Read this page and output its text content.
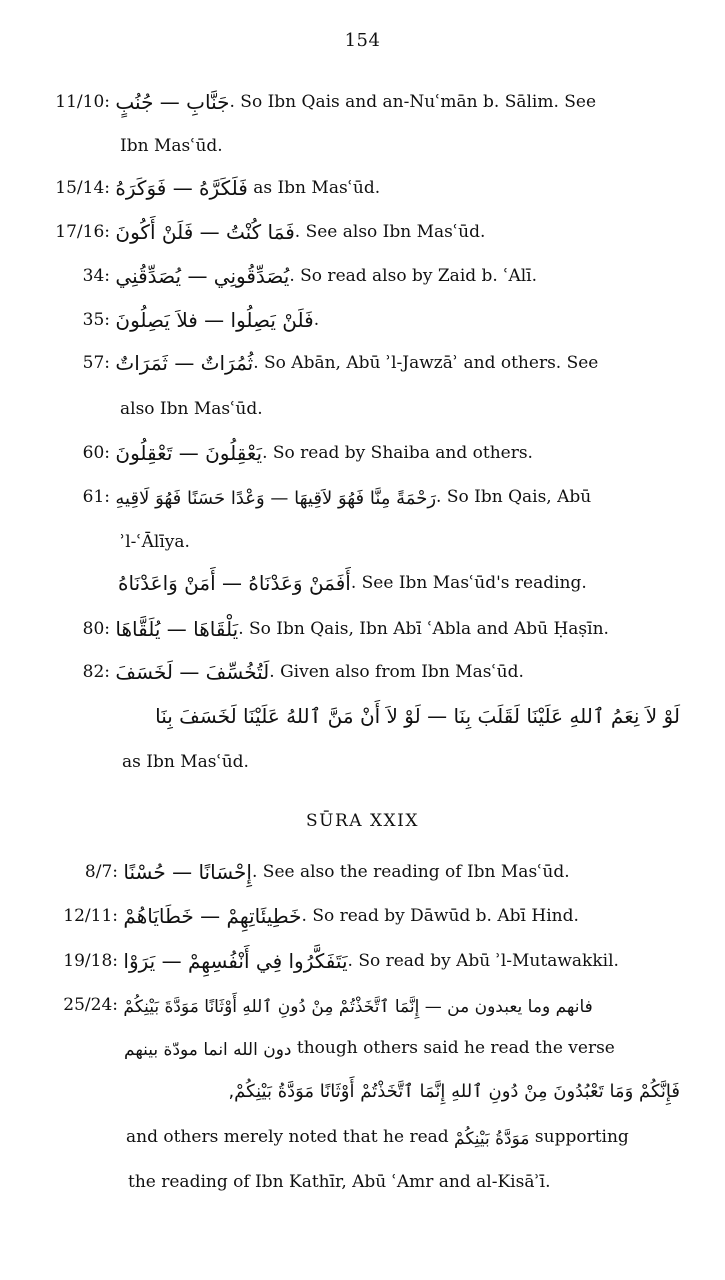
154
11/10: جَنَّابِ — جُنُبٍ. So Ibn Qais and an-Nuʿmān b. Sālim. See
Ibn Masʿūd.
15/14: فَلَكَرَّهُ — فَوَكَرَهُ as Ibn Masʿūd.
17/16: فَمَا كُنْتُ — فَلَنْ أَكُونَ. See also Ibn Masʿūd.
34: يُصَدِّقُونِي — يُصَدِّقُنِي. So read also by Zaid b. ʿAlī.
35: فَلَنْ يَصِلُوا — فلاَ يَصِلُونَ.
57: ثُمُرَاتٌ — ثَمَرَاتٌ. So Abān, Abū ʾl-Jawzāʾ and others. See
also Ibn Masʿūd.
60: يَعْقِلُونَ — تَعْقِلُونَ. So read by Shaiba and others.
61: رَحْمَةً مِنَّا فَهُوَ لاَقِيهَا — وَعْدًا حَسَنًا فَهُوَ لَاقِيهِ. So Ibn Qais, Abū
ʾl-ʿĀlīya.
أَفَمَنْ وَعَدْنَاهُ — أَمَنْ وَاعَدْنَاهُ. See Ibn Masʿūd's reading.
80: يَلْقَاهَا — يُلَقَّاهَا. So Ibn Qais, Ibn Abī ʿAbla and Abū Ḥaṣīn.
82: لَتُخُسِّفَ — لَخَسَفَ. Given also from Ibn Masʿūd.
لَوْ لاَ نِعَمُ ٱللهِ عَلَيْنَا لَقَلَبَ بِنَا — لَوْ لاَ أَنْ مَنَّ ٱللهُ عَلَيْنَا لَخَسَفَ بِنَا
as Ibn Masʿūd.
SŪRA XXIX
8/7: إِحْسَانًا — حُسْنًا. See also the reading of Ibn Masʿūd.
12/11: خَطِيئَاتِهِمْ — خَطَايَاهُمْ. So read by Dāwūd b. Abī Hind.
19/18: يَتَفَكَّرُوا فِي أَنْفُسِهِمْ — يَرَوْا. So read by Abū ʾl-Mutawakkil.
25/24: فانهم وما يعبدون من — إِنَّمَا ٱتَّخَذْتُمْ مِنْ دُونِ ٱللهِ أَوْثَانًا مَوَدَّةَ بَيْنِكُمْ
دون الله انما مودّة بينهم though others said he read the verse
فَإِنَّكُمْ وَمَا تَعْبُدُونَ مِنْ دُونِ ٱللهِ إِنَّمَا ٱتَّخَذْتُمْ أَوْثَانًا مَوَدَّةُ بَيْنِكُمْ,
and others merely noted that he read مَوَدَّةُ بَيْنِكُمْ supporting
the reading of Ibn Kathīr, Abū ʿAmr and al-Kisāʾī.
